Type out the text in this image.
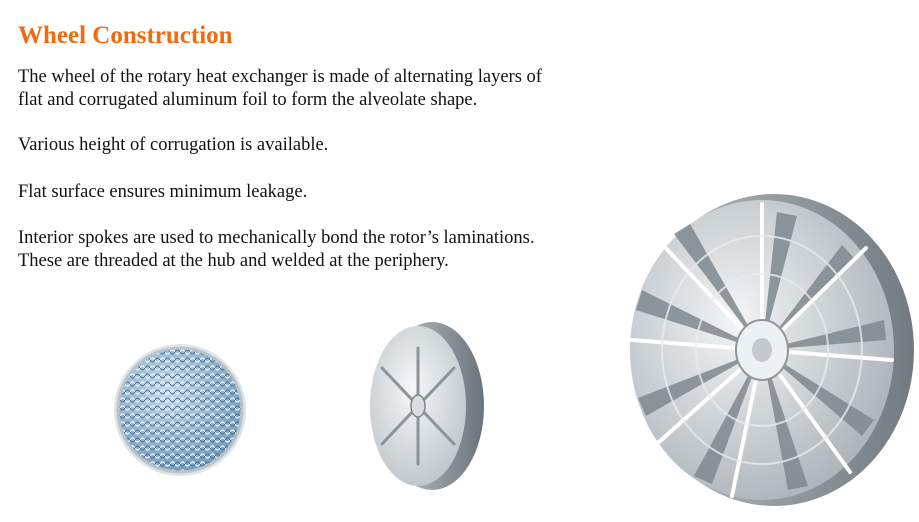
Wheel Construction

The wheel of the rotary heat exchanger is made of alternating layers of
flat and corrugated aluminum foil to form the alveolate shape.

Various height of corrugation is available.

Flat surface ensures minimum leakage.

Interior spokes are used to mechanically bond the rotor’s laminations.
These are threaded at the hub and welded at the periphery.
